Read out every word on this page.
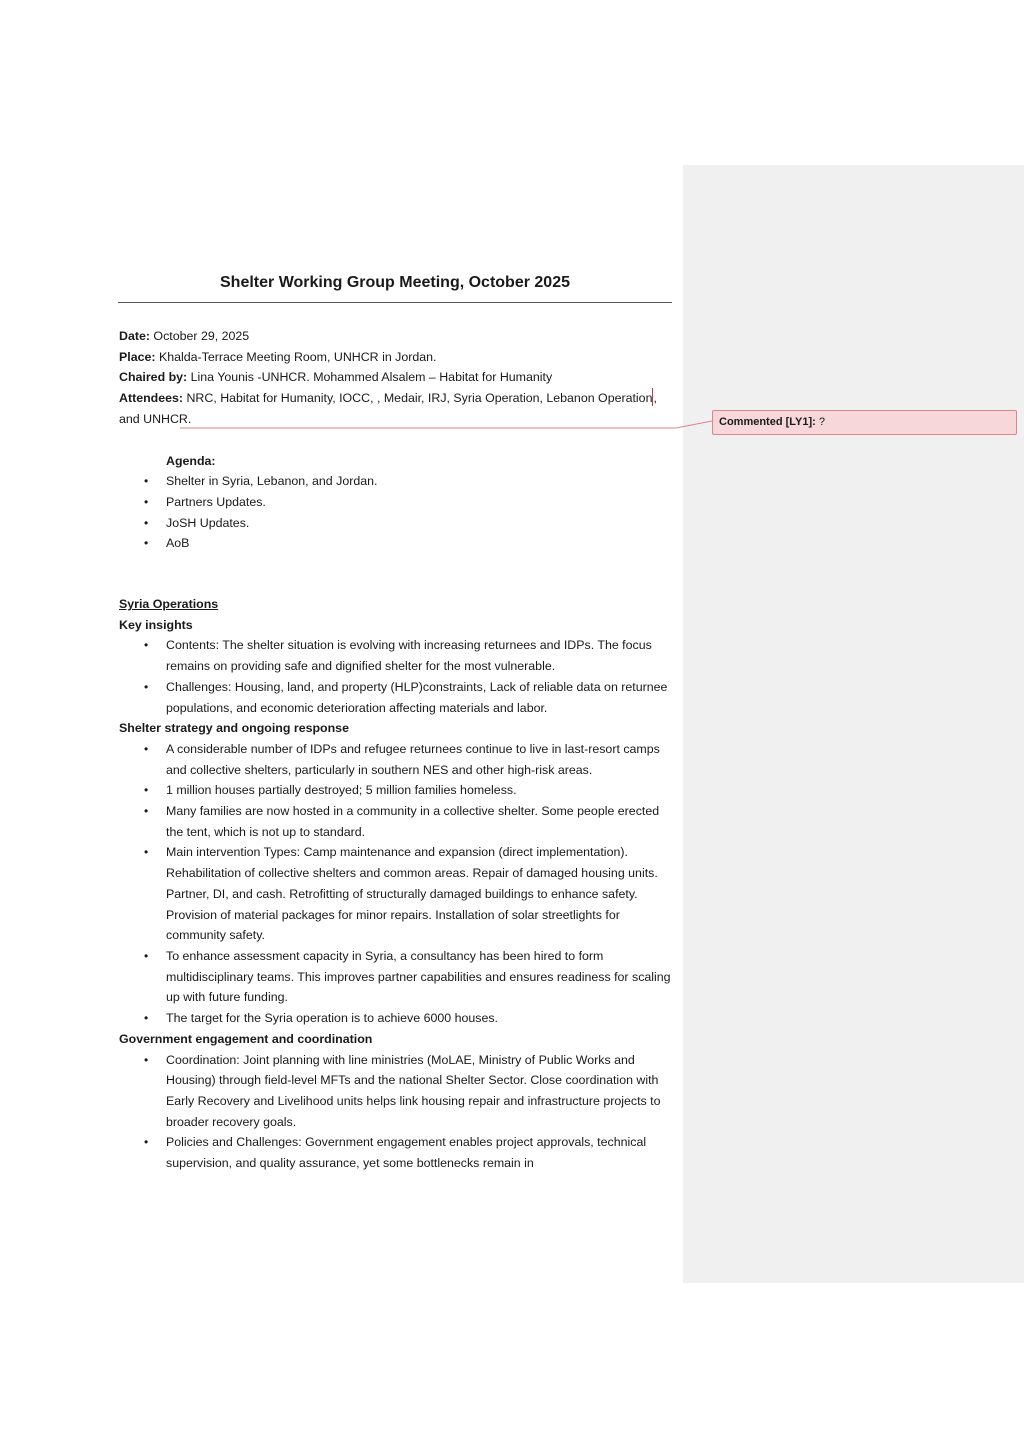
Commented [LY1]: ?
Shelter Working Group Meeting, October 2025

Date: October 29, 2025

Place: Khalda-Terrace Meeting Room, UNHCR in Jordan.

Chaired by: Lina Younis -UNHCR. Mohammed Alsalem – Habitat for Humanity

Attendees: NRC, Habitat for Humanity, IOCC, , Medair, IRJ, Syria Operation, Lebanon Operation, and UNHCR.

Agenda:

• Shelter in Syria, Lebanon, and Jordan.
• Partners Updates.
• JoSH Updates.
• AoB

Syria Operations

Key insights

• Contents: The shelter situation is evolving with increasing returnees and IDPs. The focus remains on providing safe and dignified shelter for the most vulnerable.
• Challenges: Housing, land, and property (HLP)constraints, Lack of reliable data on returnee populations, and economic deterioration affecting materials and labor.

Shelter strategy and ongoing response

• A considerable number of IDPs and refugee returnees continue to live in last-resort camps and collective shelters, particularly in southern NES and other high-risk areas.
• 1 million houses partially destroyed; 5 million families homeless.
• Many families are now hosted in a community in a collective shelter. Some people erected the tent, which is not up to standard.
• Main intervention Types: Camp maintenance and expansion (direct implementation). Rehabilitation of collective shelters and common areas. Repair of damaged housing units. Partner, DI, and cash. Retrofitting of structurally damaged buildings to enhance safety. Provision of material packages for minor repairs. Installation of solar streetlights for community safety.
• To enhance assessment capacity in Syria, a consultancy has been hired to form multidisciplinary teams. This improves partner capabilities and ensures readiness for scaling up with future funding.
• The target for the Syria operation is to achieve 6000 houses.

Government engagement and coordination

• Coordination: Joint planning with line ministries (MoLAE, Ministry of Public Works and Housing) through field-level MFTs and the national Shelter Sector. Close coordination with Early Recovery and Livelihood units helps link housing repair and infrastructure projects to broader recovery goals.
• Policies and Challenges: Government engagement enables project approvals, technical supervision, and quality assurance, yet some bottlenecks remain in
